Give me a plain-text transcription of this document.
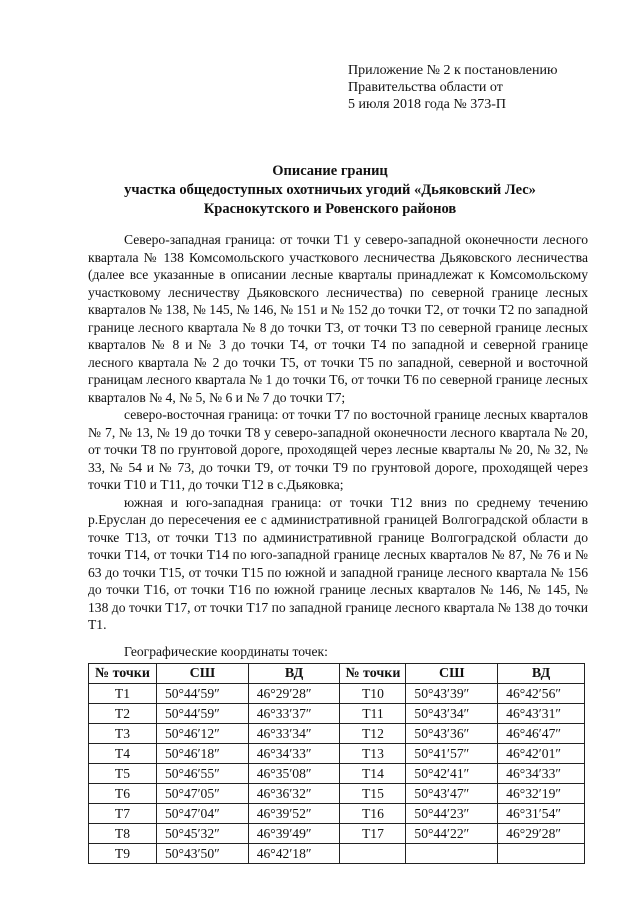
Приложение № 2 к постановлению
Правительства области от
5 июля 2018 года № 373-П
Описание границ
участка общедоступных охотничьих угодий «Дьяковский Лес»
Краснокутского и Ровенского районов

Северо-западная граница: от точки Т1 у северо-западной оконечности лесного квартала № 138 Комсомольского участкового лесничества Дьяковского лесничества (далее все указанные в описании лесные кварталы принадлежат к Комсомольскому участковому лесничеству Дьяковского лесничества) по северной границе лесных кварталов № 138, № 145, № 146, № 151 и № 152 до точки Т2, от точки Т2 по западной границе лесного квартала № 8 до точки Т3, от точки Т3 по северной границе лесных кварталов № 8 и № 3 до точки Т4, от точки Т4 по западной и северной границе лесного квартала № 2 до точки Т5, от точки Т5 по западной, северной и восточной границам лесного квартала № 1 до точки Т6, от точки Т6 по северной границе лесных кварталов № 4, № 5, № 6 и № 7 до точки Т7;

северо-восточная граница: от точки Т7 по восточной границе лесных кварталов № 7, № 13, № 19 до точки Т8 у северо-западной оконечности лесного квартала № 20, от точки Т8 по грунтовой дороге, проходящей через лесные кварталы № 20, № 32, № 33, № 54 и № 73, до точки Т9, от точки Т9 по грунтовой дороге, проходящей через точки Т10 и Т11, до точки Т12 в с.Дьяковка;

южная и юго-западная граница: от точки Т12 вниз по среднему течению р.Еруслан до пересечения ее с административной границей Волгоградской области в точке Т13, от точки Т13 по административной границе Волгоградской области до точки Т14, от точки Т14 по юго-западной границе лесных кварталов № 87, № 76 и № 63 до точки Т15, от точки Т15 по южной и западной границе лесного квартала № 156 до точки Т16, от точки Т16 по южной границе лесных кварталов № 146, № 145, № 138 до точки Т17, от точки Т17 по западной границе лесного квартала № 138 до точки Т1.

Географические координаты точек:
№ точки	СШ	ВД	№ точки	СШ	ВД
Т1	50°44′59″	46°29′28″	Т10	50°43′39″	46°42′56″
Т2	50°44′59″	46°33′37″	Т11	50°43′34″	46°43′31″
Т3	50°46′12″	46°33′34″	Т12	50°43′36″	46°46′47″
Т4	50°46′18″	46°34′33″	Т13	50°41′57″	46°42′01″
Т5	50°46′55″	46°35′08″	Т14	50°42′41″	46°34′33″
Т6	50°47′05″	46°36′32″	Т15	50°43′47″	46°32′19″
Т7	50°47′04″	46°39′52″	Т16	50°44′23″	46°31′54″
Т8	50°45′32″	46°39′49″	Т17	50°44′22″	46°29′28″
Т9	50°43′50″	46°42′18″			
